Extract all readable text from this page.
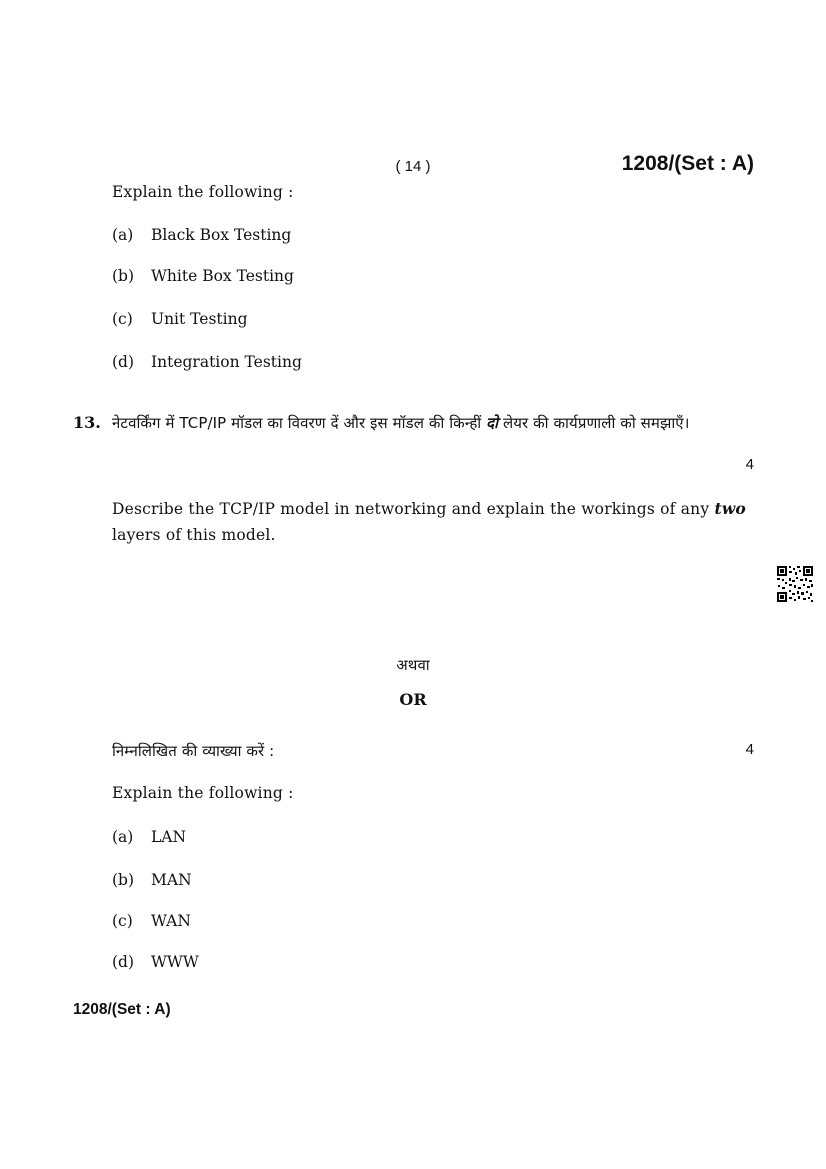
( 14 )	1208/(Set : A)
Explain the following :
(a) Black Box Testing
(b) White Box Testing
(c) Unit Testing
(d) Integration Testing
13. नेटवर्किंग में TCP/IP मॉडल का विवरण दें और इस मॉडल की किन्हीं दो लेयर की कार्यप्रणाली को समझाएँ।
4
Describe the TCP/IP model in networking and explain the workings of any two
layers of this model.
अथवा
OR
निम्नलिखित की व्याख्या करें :	4
Explain the following :
(a) LAN
(b) MAN
(c) WAN
(d) WWW
1208/(Set : A)
